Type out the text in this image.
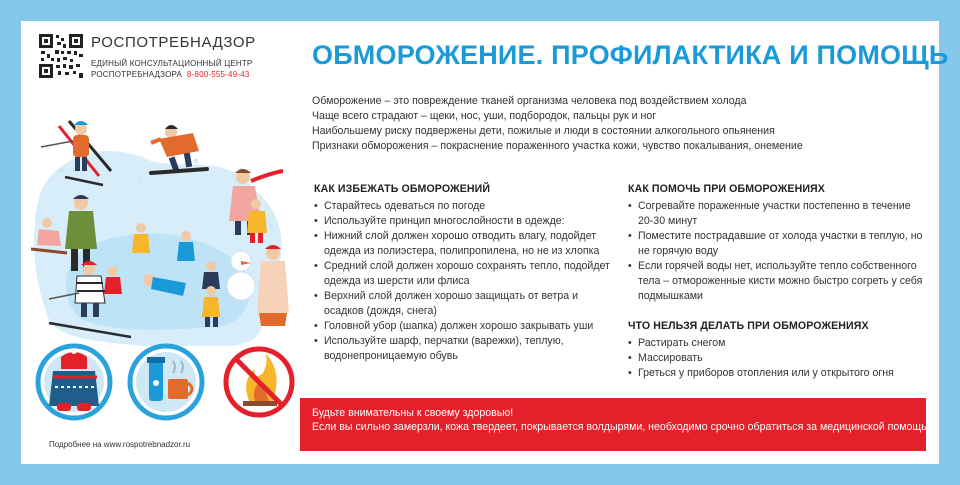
РОСПОТРЕБНАДЗОР
ЕДИНЫЙ КОНСУЛЬТАЦИОННЫЙ ЦЕНТР
РОСПОТРЕБНАДЗОРА 8-800-555-49-43
ОБМОРОЖЕНИЕ. ПРОФИЛАКТИКА И ПОМОЩЬ
Обморожение – это повреждение тканей организма человека под воздействием холода
Чаще всего страдают – щеки, нос, уши, подбородок, пальцы рук и ног
Наибольшему риску подвержены дети, пожилые и люди в состоянии алкогольного опьянения
Признаки обморожения – покраснение пораженного участка кожи, чувство покалывания, онемение
КАК ИЗБЕЖАТЬ ОБМОРОЖЕНИЙ
• Старайтесь одеваться по погоде
• Используйте принцип многослойности в одежде:
• Нижний слой должен хорошо отводить влагу, подойдет одежда из полиэстера, полипропилена, но не из хлопка
• Средний слой должен хорошо сохранять тепло, подойдет одежда из шерсти или флиса
• Верхний слой должен хорошо защищать от ветра и осадков (дождя, снега)
• Головной убор (шапка) должен хорошо закрывать уши
• Используйте шарф, перчатки (варежки), теплую, водонепроницаемую обувь
КАК ПОМОЧЬ ПРИ ОБМОРОЖЕНИЯХ
• Согревайте пораженные участки постепенно в течение 20-30 минут
• Поместите пострадавшие от холода участки в теплую, но не горячую воду
• Если горячей воды нет, используйте тепло собственного тела – отмороженные кисти можно быстро согреть у себя подмышками
ЧТО НЕЛЬЗЯ ДЕЛАТЬ ПРИ ОБМОРОЖЕНИЯХ
• Растирать снегом
• Массировать
• Греться у приборов отопления или у открытого огня
Будьте внимательны к своему здоровью!
Если вы сильно замерзли, кожа твердеет, покрывается волдырями, необходимо срочно обратиться за медицинской помощью!
Подробнее на www.rospotrebnadzor.ru
